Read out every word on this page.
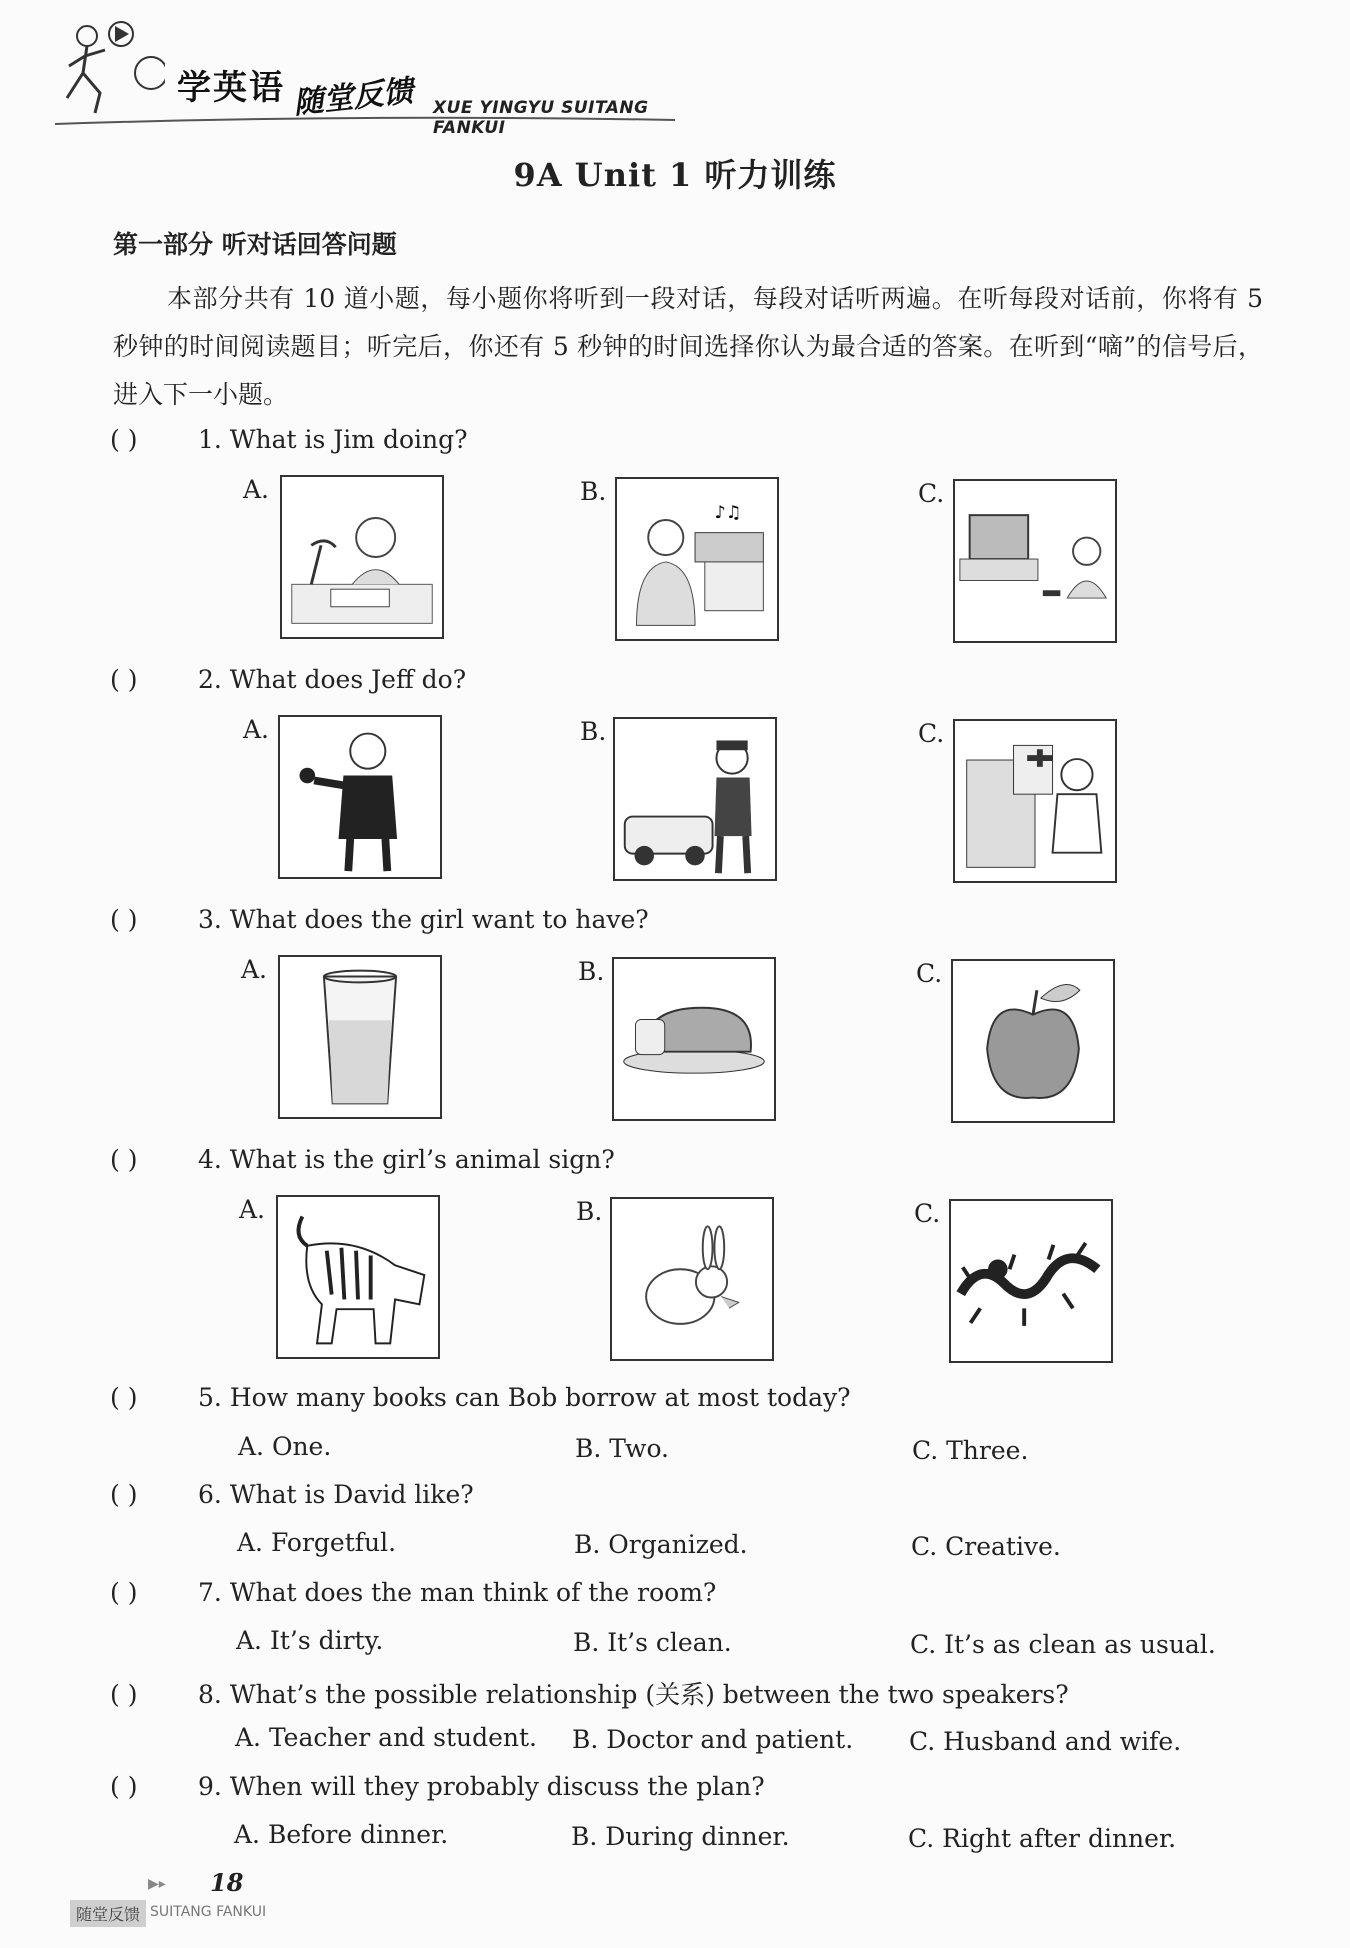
学英语 随堂反馈 XUE YINGYU SUITANG FANKUI
9A Unit 1 听力训练
第一部分 听对话回答问题
本部分共有 10 道小题，每小题你将听到一段对话，每段对话听两遍。在听每段对话前，你将有 5 秒钟的时间阅读题目；听完后，你还有 5 秒钟的时间选择你认为最合适的答案。在听到“嘀”的信号后，进入下一小题。
( ) 1. What is Jim doing?
A.	B.	C.
♪♫
( ) 2. What does Jeff do?
A.	B.	C.
( ) 3. What does the girl want to have?
A.	B.	C.
( ) 4. What is the girl’s animal sign?
A.	B.	C.
( ) 5. How many books can Bob borrow at most today?
A. One.	B. Two.	C. Three.
( ) 6. What is David like?
A. Forgetful.	B. Organized.	C. Creative.
( ) 7. What does the man think of the room?
A. It’s dirty.	B. It’s clean.	C. It’s as clean as usual.
( ) 8. What’s the possible relationship (关系) between the two speakers?
A. Teacher and student. B. Doctor and patient. C. Husband and wife.
( ) 9. When will they probably discuss the plan?
A. Before dinner.	B. During dinner.	C. Right after dinner.
▶▸ 18
随堂反馈 SUITANG FANKUI
